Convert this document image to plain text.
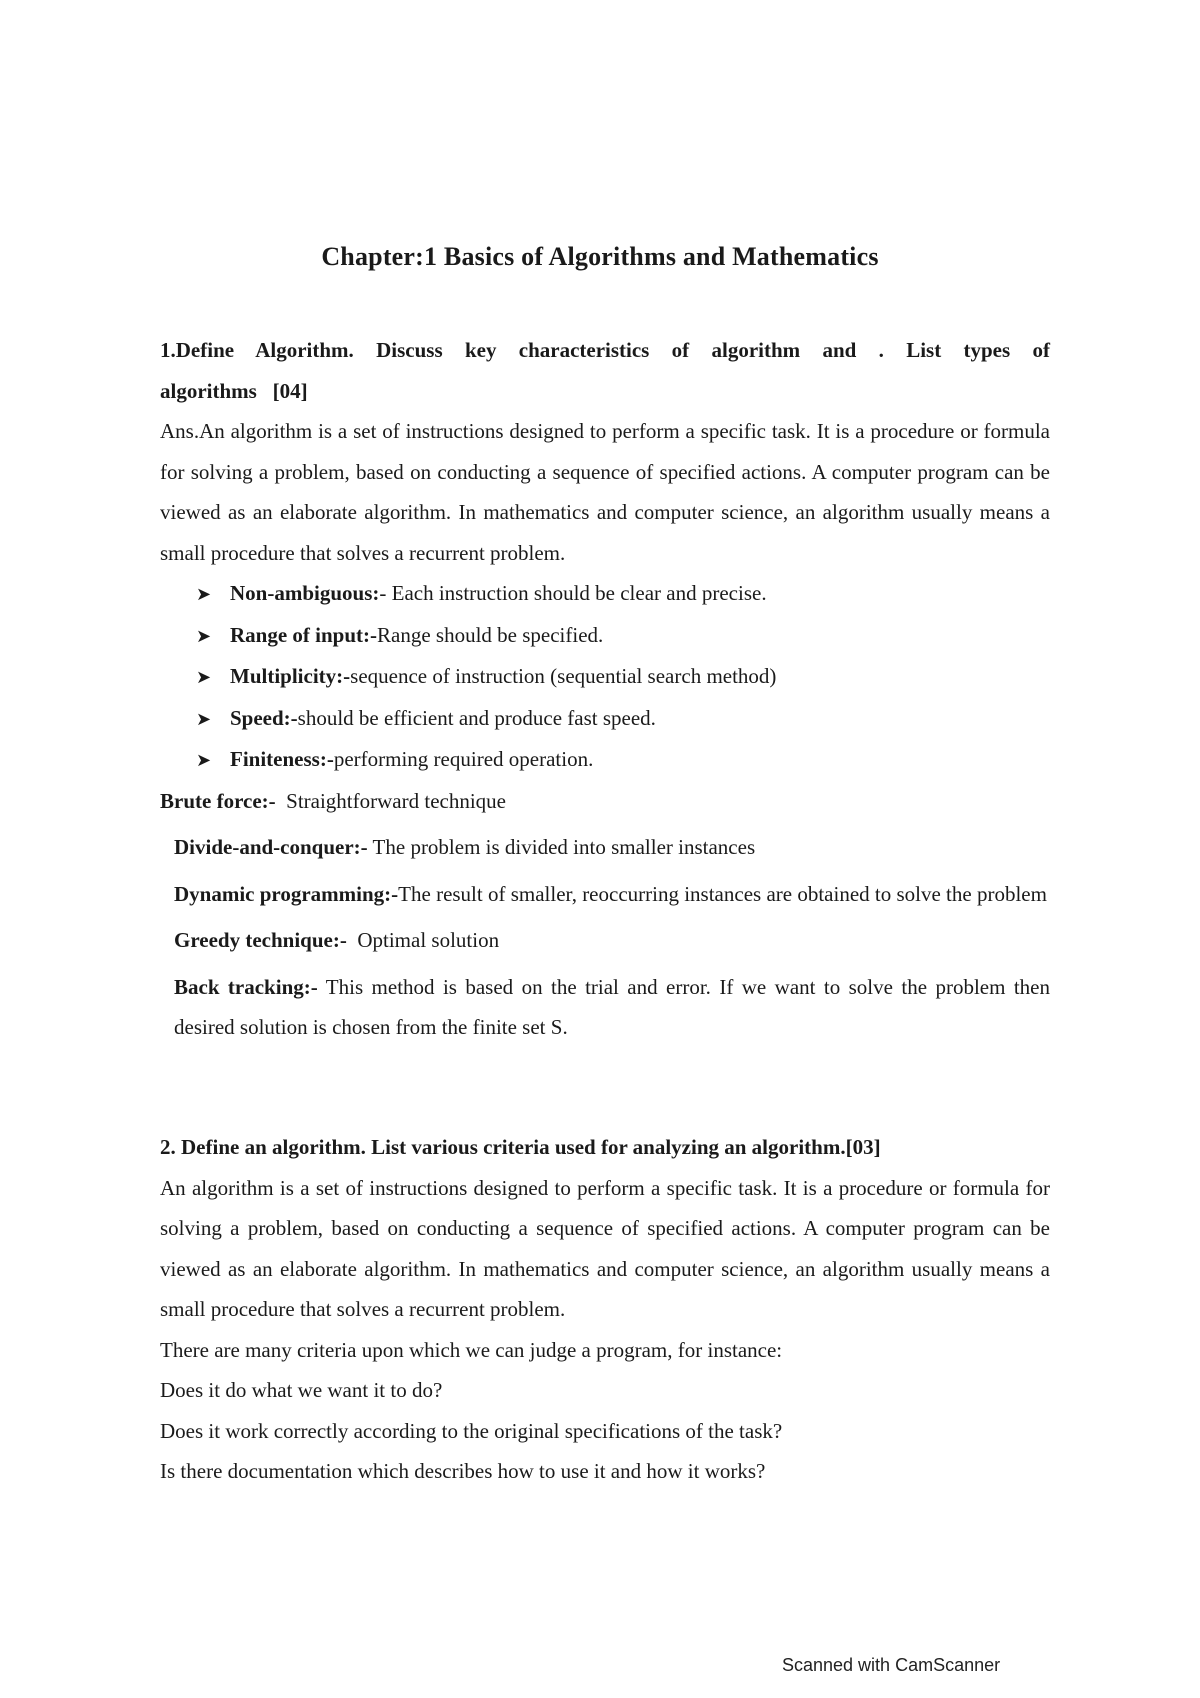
Chapter:1 Basics of Algorithms and Mathematics
1.Define Algorithm. Discuss key characteristics of algorithm and . List types of
algorithms   [04]

Ans.An algorithm is a set of instructions designed to perform a specific task. It is a procedure or formula for solving a problem, based on conducting a sequence of specified actions. A computer program can be viewed as an elaborate algorithm. In mathematics and computer science, an algorithm usually means a small procedure that solves a recurrent problem.

➤ Non-ambiguous:- Each instruction should be clear and precise.
➤ Range of input:-Range should be specified.
➤ Multiplicity:-sequence of instruction (sequential search method)
➤ Speed:-should be efficient and produce fast speed.
➤ Finiteness:-performing required operation.
Brute force:-  Straightforward technique
Divide-and-conquer:- The problem is divided into smaller instances
Dynamic programming:-The result of smaller, reoccurring instances are obtained to solve the problem
Greedy technique:-  Optimal solution
Back tracking:- This method is based on the trial and error. If we want to solve the problem then desired solution is chosen from the finite set S.
2. Define an algorithm. List various criteria used for analyzing an algorithm.[03]

An algorithm is a set of instructions designed to perform a specific task. It is a procedure or formula for solving a problem, based on conducting a sequence of specified actions. A computer program can be viewed as an elaborate algorithm. In mathematics and computer science, an algorithm usually means a small procedure that solves a recurrent problem.

There are many criteria upon which we can judge a program, for instance:
Does it do what we want it to do?
Does it work correctly according to the original specifications of the task?
Is there documentation which describes how to use it and how it works?
Scanned with CamScanner
